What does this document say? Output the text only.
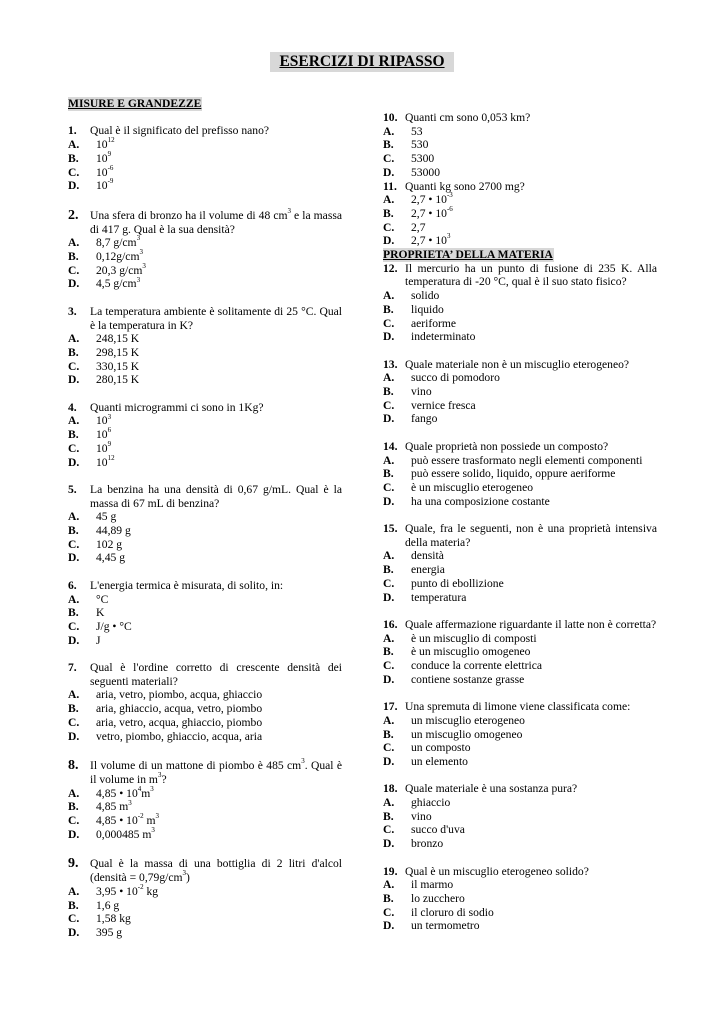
ESERCIZI DI RIPASSO
MISURE E GRANDEZZE
1. Qual è il significato del prefisso nano?
A. $10^{12}$
B. $10^9$
C. $10^{-6}$
D. $10^{-9}$
2. Una sfera di bronzo ha il volume di 48 $cm^3$ e la massa di 417 g. Qual è la sua densità?
A. 8,7 $g/cm^3$
B. $0,12g/cm^3$
C. 20,3 $g/cm^3$
D. 4,5 $g/cm^3$
3. La temperatura ambiente è solitamente di 25 °C. Qual è la temperatura in K?
A. 248,15 K
B. 298,15 K
C. 330,15 K
D. 280,15 K
4. Quanti microgrammi ci sono in 1Kg?
A. $10^3$
B. $10^6$
C. $10^9$
D. $10^{12}$
5. La benzina ha una densità di 0,67 g/mL. Qual è la massa di 67 mL di benzina?
A. 45 g
B. 44,89 g
C. 102 g
D. 4,45 g
6. L'energia termica è misurata, di solito, in:
A. °C
B. K
C. J/g • °C
D. J
7. Qual è l'ordine corretto di crescente densità dei seguenti materiali?
A. aria, vetro, piombo, acqua, ghiaccio
B. aria, ghiaccio, acqua, vetro, piombo
C. aria, vetro, acqua, ghiaccio, piombo
D. vetro, piombo, ghiaccio, acqua, aria
8. Il volume di un mattone di piombo è 485 $cm^3$. Qual è il volume in $m^3$?
A. 4,85 • $10^4m^3$
B. 4,85 $m^3$
C. 4,85 • $10^{-2}$ $m^3$
D. 0,000485 $m^3$
9. Qual è la massa di una bottiglia di 2 litri d'alcol (densità = $0,79g/cm^3$)
A. 3,95 • $10^{-2}$ kg
B. 1,6 g
C. 1,58 kg
D. 395 g
10. Quanti cm sono 0,053 km?
A. 53
B. 530
C. 5300
D. 53000
11. Quanti kg sono 2700 mg?
A. 2,7 • $10^{-3}$
B. 2,7 • $10^{-6}$
C. 2,7
D. 2,7 • $10^3$
PROPRIETA’ DELLA MATERIA
12. Il mercurio ha un punto di fusione di 235 K. Alla temperatura di -20 °C, qual è il suo stato fisico?
A. solido
B. liquido
C. aeriforme
D. indeterminato
13. Quale materiale non è un miscuglio eterogeneo?
A. succo di pomodoro
B. vino
C. vernice fresca
D. fango
14. Quale proprietà non possiede un composto?
A. può essere trasformato negli elementi componenti
B. può essere solido, liquido, oppure aeriforme
C. è un miscuglio eterogeneo
D. ha una composizione costante
15. Quale, fra le seguenti, non è una proprietà intensiva della materia?
A. densità
B. energia
C. punto di ebollizione
D. temperatura
16. Quale affermazione riguardante il latte non è corretta?
A. è un miscuglio di composti
B. è un miscuglio omogeneo
C. conduce la corrente elettrica
D. contiene sostanze grasse
17. Una spremuta di limone viene classificata come:
A. un miscuglio eterogeneo
B. un miscuglio omogeneo
C. un composto
D. un elemento
18. Quale materiale è una sostanza pura?
A. ghiaccio
B. vino
C. succo d'uva
D. bronzo
19. Qual è un miscuglio eterogeneo solido?
A. il marmo
B. lo zucchero
C. il cloruro di sodio
D. un termometro
